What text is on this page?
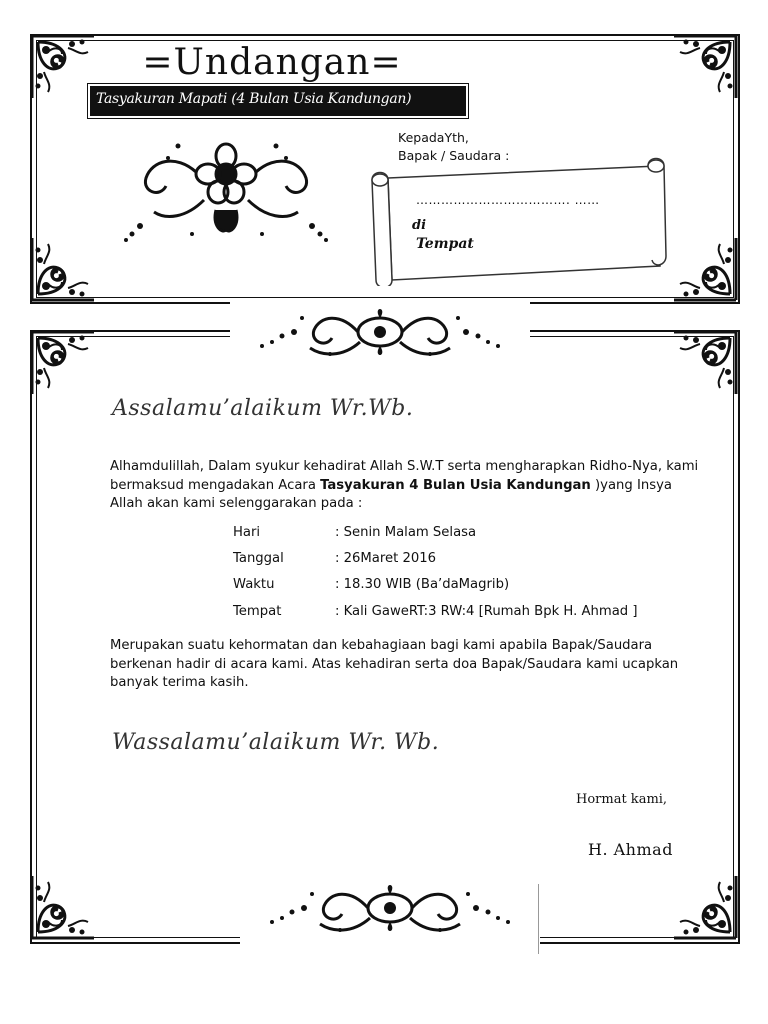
=Undangan=
Tasyakuran Mapati (4 Bulan Usia Kandungan)
KepadaYth,
Bapak / Saudara :
………………………………. ……
di
Tempat
Assalamu’alaikum Wr.Wb.
Alhamdulillah, Dalam syukur kehadirat Allah S.W.T serta mengharapkan Ridho-Nya, kami bermaksud mengadakan Acara Tasyakuran 4 Bulan Usia Kandungan )yang Insya Allah akan kami selenggarakan pada :
Hari	: Senin Malam Selasa
Tanggal	: 26Maret 2016
Waktu	: 18.30 WIB (Ba’daMagrib)
Tempat	: Kali GaweRT:3 RW:4 [Rumah Bpk H. Ahmad ]
Merupakan suatu kehormatan dan kebahagiaan bagi kami apabila Bapak/Saudara berkenan hadir di acara kami. Atas kehadiran serta doa Bapak/Saudara kami ucapkan banyak terima kasih.
Wassalamu’alaikum Wr. Wb.
Hormat kami,
H. Ahmad
